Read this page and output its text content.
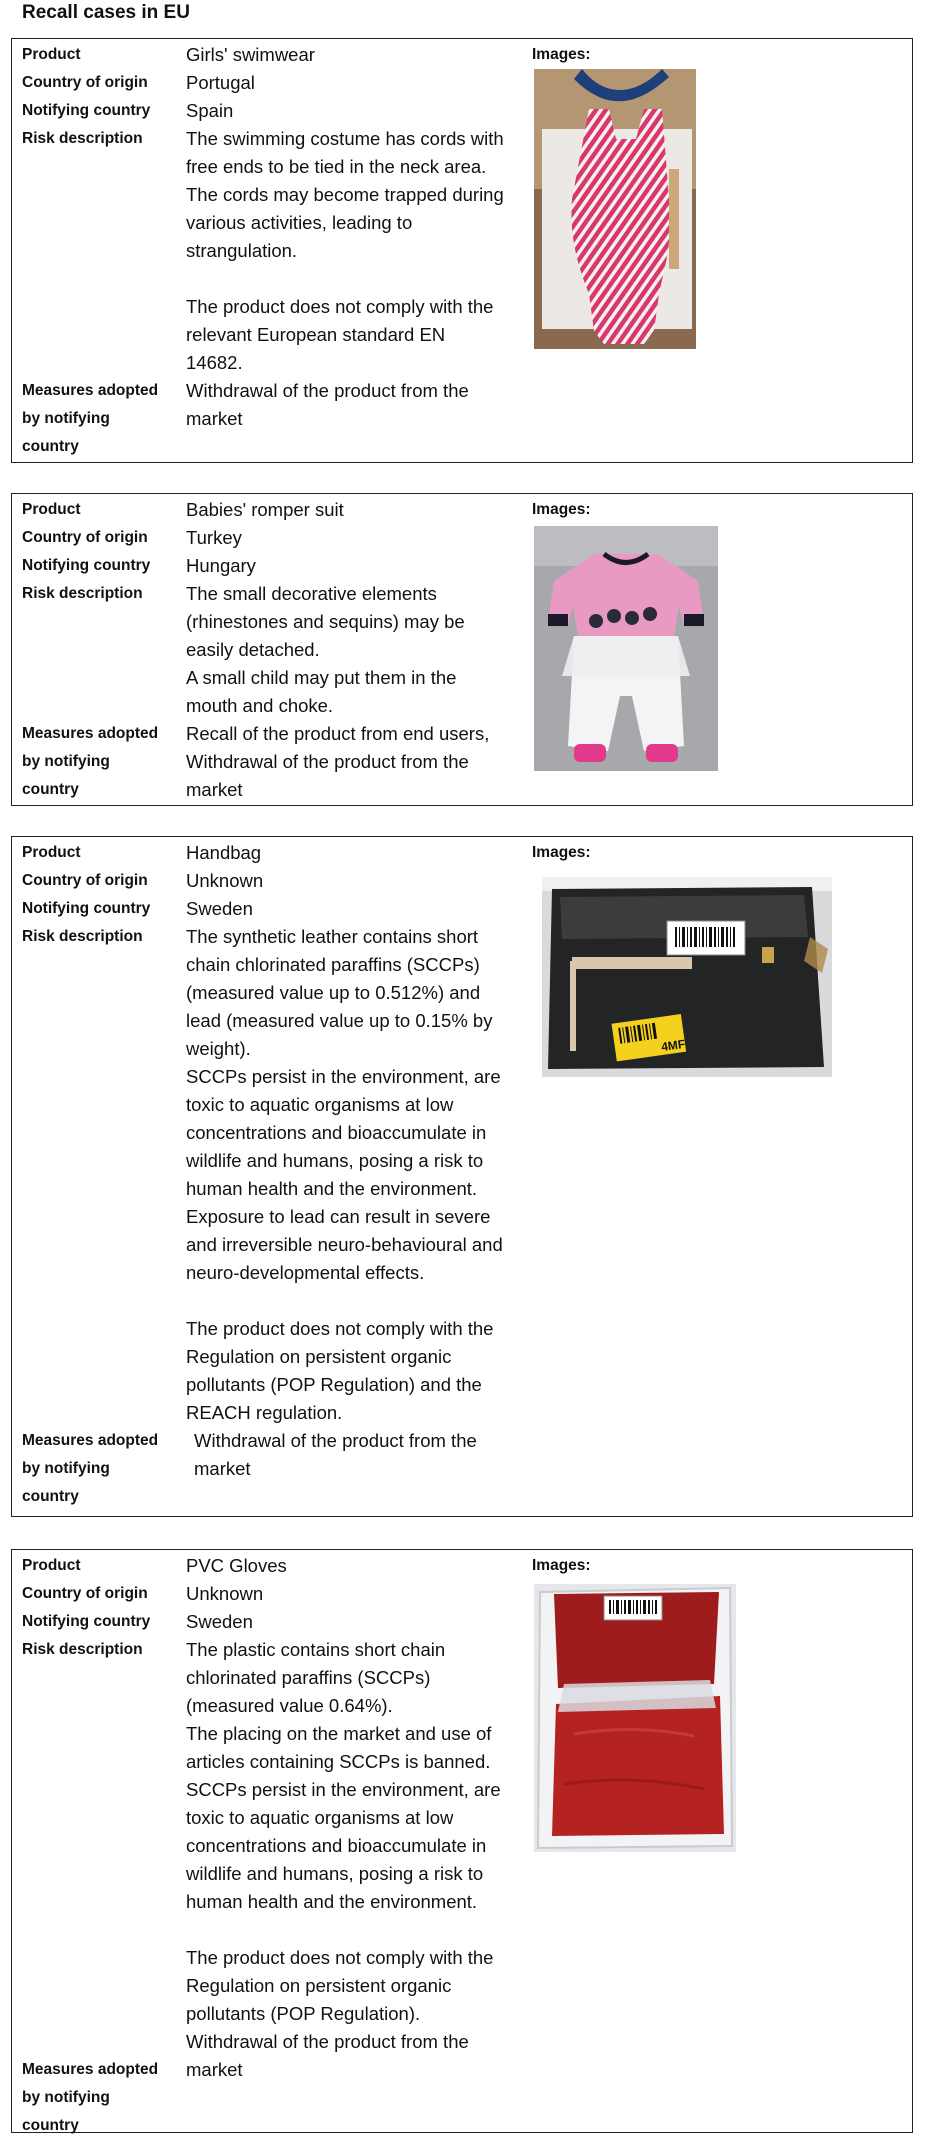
Recall cases in EU
Product
Country of origin
Notifying country
Risk description
Measures adopted
by notifying
country
Girls' swimwear
Portugal
Spain
The swimming costume has cords with
free ends to be tied in the neck area.
The cords may become trapped during
various activities, leading to
strangulation.
The product does not comply with the
relevant European standard EN
14682.
Withdrawal of the product from the
market
Images:
Product
Country of origin
Notifying country
Risk description
Measures adopted
by notifying
country
Babies' romper suit
Turkey
Hungary
The small decorative elements
(rhinestones and sequins) may be
easily detached.
A small child may put them in the
mouth and choke.
Recall of the product from end users,
Withdrawal of the product from the
market
Images:
Product
Country of origin
Notifying country
Risk description
Measures adopted
by notifying
country
Handbag
Unknown
Sweden
The synthetic leather contains short
chain chlorinated paraffins (SCCPs)
(measured value up to 0.512%) and
lead (measured value up to 0.15% by
weight).
SCCPs persist in the environment, are
toxic to aquatic organisms at low
concentrations and bioaccumulate in
wildlife and humans, posing a risk to
human health and the environment.
Exposure to lead can result in severe
and irreversible neuro-behavioural and
neuro-developmental effects.
The product does not comply with the
Regulation on persistent organic
pollutants (POP Regulation) and the
REACH regulation.
Withdrawal of the product from the
market
Images:
4MF
Product
Country of origin
Notifying country
Risk description
Measures adopted
by notifying
country
PVC Gloves
Unknown
Sweden
The plastic contains short chain
chlorinated paraffins (SCCPs)
(measured value 0.64%).
The placing on the market and use of
articles containing SCCPs is banned.
SCCPs persist in the environment, are
toxic to aquatic organisms at low
concentrations and bioaccumulate in
wildlife and humans, posing a risk to
human health and the environment.
The product does not comply with the
Regulation on persistent organic
pollutants (POP Regulation).
Withdrawal of the product from the
market
Images:
